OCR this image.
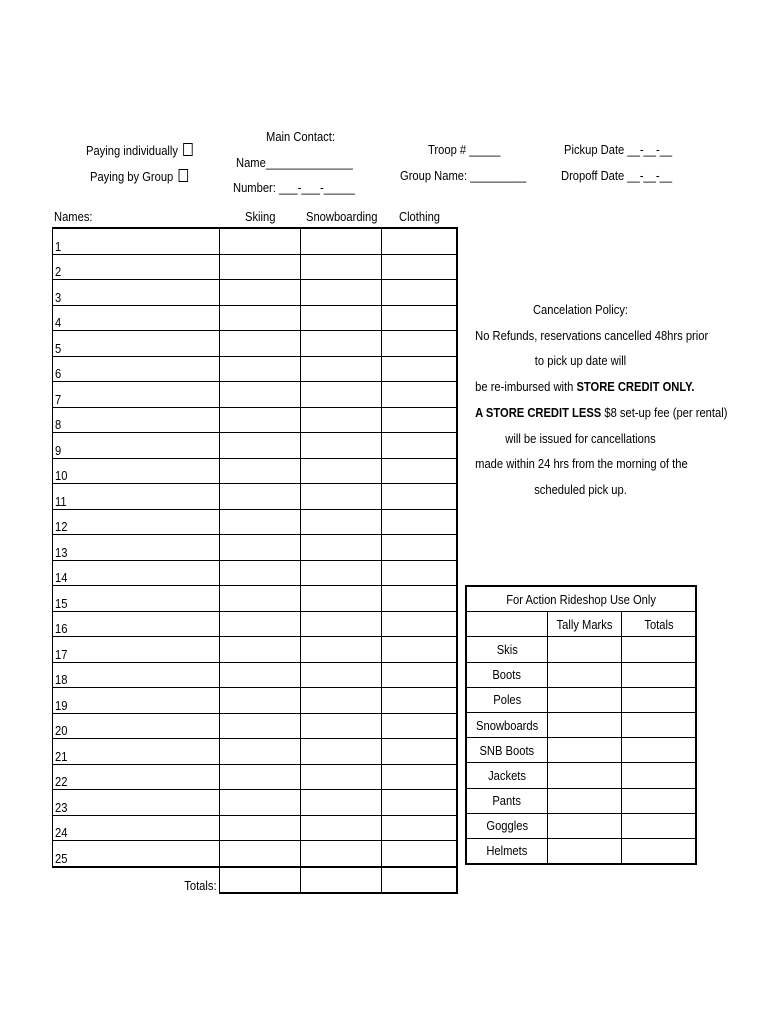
Paying individually
Paying by Group
Main Contact:
Name______________
Number: ___-___-_____
Troop # _____
Group Name: _________
Pickup Date __-__-__
Dropoff Date __-__-__
Names:	Skiing Snowboarding Clothing
1			
2			
3			
4			
5			
6			
7			
8			
9			
10			
11			
12			
13			
14			
15			
16			
17			
18			
19			
20			
21			
22			
23			
24			
25			
Totals:			
Cancelation Policy:
No Refunds, reservations cancelled 48hrs prior
to pick up date will
be re-imbursed with STORE CREDIT ONLY.
A STORE CREDIT LESS $8 set-up fee (per rental)
will be issued for cancellations
made within 24 hrs from the morning of the
scheduled pick up.
For Action Rideshop Use Only		
	Tally Marks	Totals
Skis		
Boots		
Poles		
Snowboards		
SNB Boots		
Jackets		
Pants		
Goggles		
Helmets		
